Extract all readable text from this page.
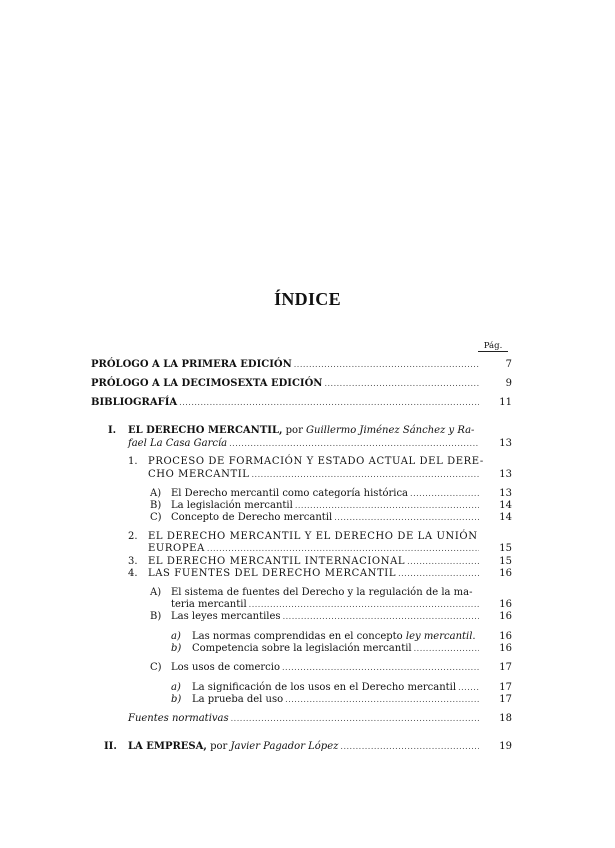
ÍNDICE
Pág.
PRÓLOGO A LA PRIMERA EDICIÓN .....	7
PRÓLOGO A LA DECIMOSEXTA EDICIÓN .....	9
BIBLIOGRAFÍA .....	11
I. EL DERECHO MERCANTIL, por Guillermo Jiménez Sánchez y Ra-
fael La Casa García .....	13
1. PROCESO DE FORMACIÓN Y ESTADO ACTUAL DEL DERE-
CHO MERCANTIL .....	13
A) El Derecho mercantil como categoría histórica .....	13
B) La legislación mercantil .....	14
C) Concepto de Derecho mercantil .....	14
2. EL DERECHO MERCANTIL Y EL DERECHO DE LA UNIÓN
EUROPEA .....	15
3. EL DERECHO MERCANTIL INTERNACIONAL .....	15
4. LAS FUENTES DEL DERECHO MERCANTIL .....	16
A) El sistema de fuentes del Derecho y la regulación de la ma-
teria mercantil .....	16
B) Las leyes mercantiles .....	16
a) Las normas comprendidas en el concepto ley mercantil.	16
b) Competencia sobre la legislación mercantil .....	16
C) Los usos de comercio .....	17
a) La significación de los usos en el Derecho mercantil .....	17
b) La prueba del uso .....	17
Fuentes normativas .....	18
II. LA EMPRESA, por Javier Pagador López .....	19
